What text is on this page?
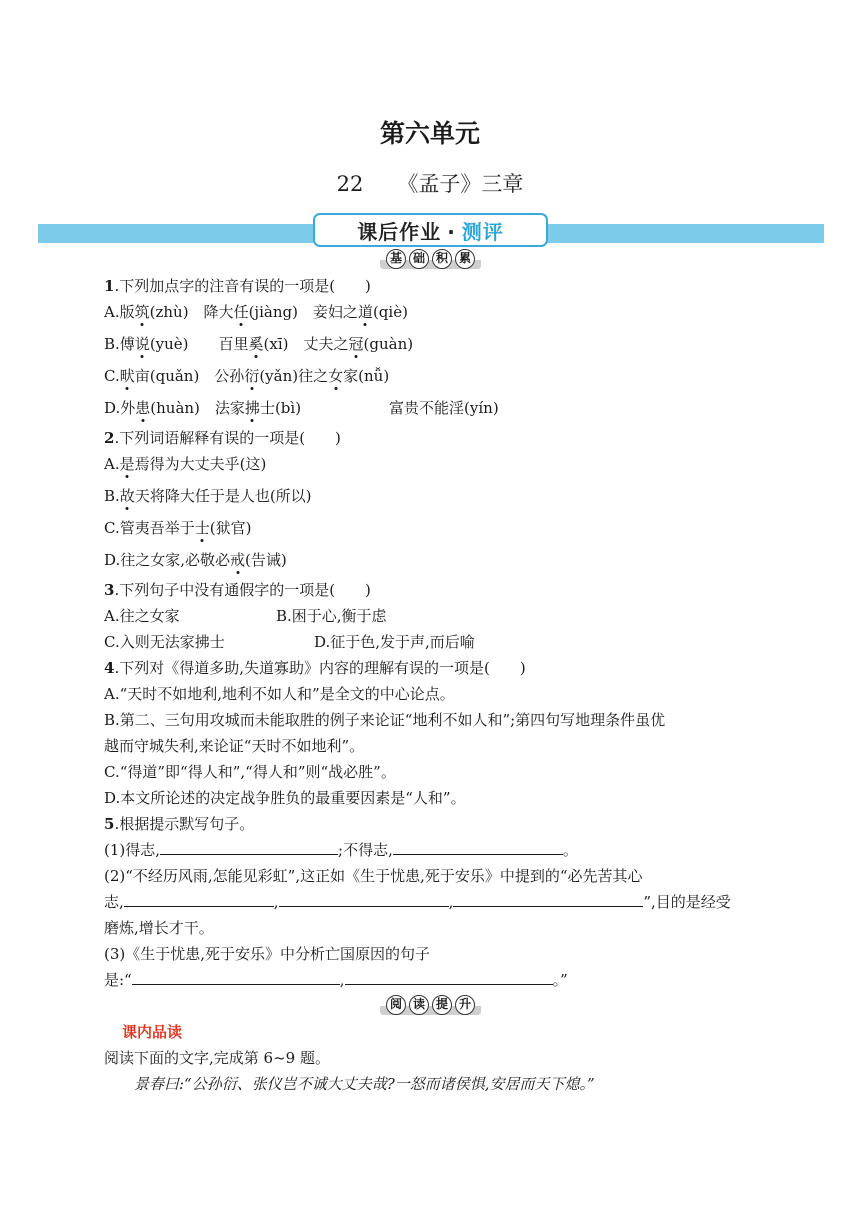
第六单元
22 《孟子》三章
课后作业 · 测评
基 础 积 累
1.下列加点字的注音有误的一项是(　　)
A.版筑(zhù)　降大任(jiàng)　妾妇之道(qiè)
B.傅说(yuè)　　百里奚(xī)　丈夫之冠(guàn)
C.畎亩(quǎn)　公孙衍(yǎn)往之女家(nǚ)
D.外患(huàn)　法家拂士(bì)	富贵不能淫(yín)
2.下列词语解释有误的一项是(　　)
A.是焉得为大丈夫乎(这)
B.故天将降大任于是人也(所以)
C.管夷吾举于士(狱官)
D.往之女家,必敬必戒(告诫)
3.下列句子中没有通假字的一项是(　　)
A.往之女家	B.困于心,衡于虑
C.入则无法家拂士	D.征于色,发于声,而后喻
4.下列对《得道多助,失道寡助》内容的理解有误的一项是(　　)
A.“天时不如地利,地利不如人和”是全文的中心论点。
B.第二、三句用攻城而未能取胜的例子来论证“地利不如人和”;第四句写地理条件虽优
越而守城失利,来论证“天时不如地利”。
C.“得道”即“得人和”,“得人和”则“战必胜”。
D.本文所论述的决定战争胜负的最重要因素是“人和”。
5.根据提示默写句子。
(1)得志,	;不得志,	。
(2)“不经历风雨,怎能见彩虹”,这正如《生于忧患,死于安乐》中提到的“必先苦其心
志,	,	,	”,目的是经受
磨炼,增长才干。
(3)《生于忧患,死于安乐》中分析亡国原因的句子
是:“	,	。”
阅 读 提 升
课内品读
阅读下面的文字,完成第 6~9 题。
景春曰:“公孙衍、张仪岂不诚大丈夫哉?一怒而诸侯惧,安居而天下熄。”
